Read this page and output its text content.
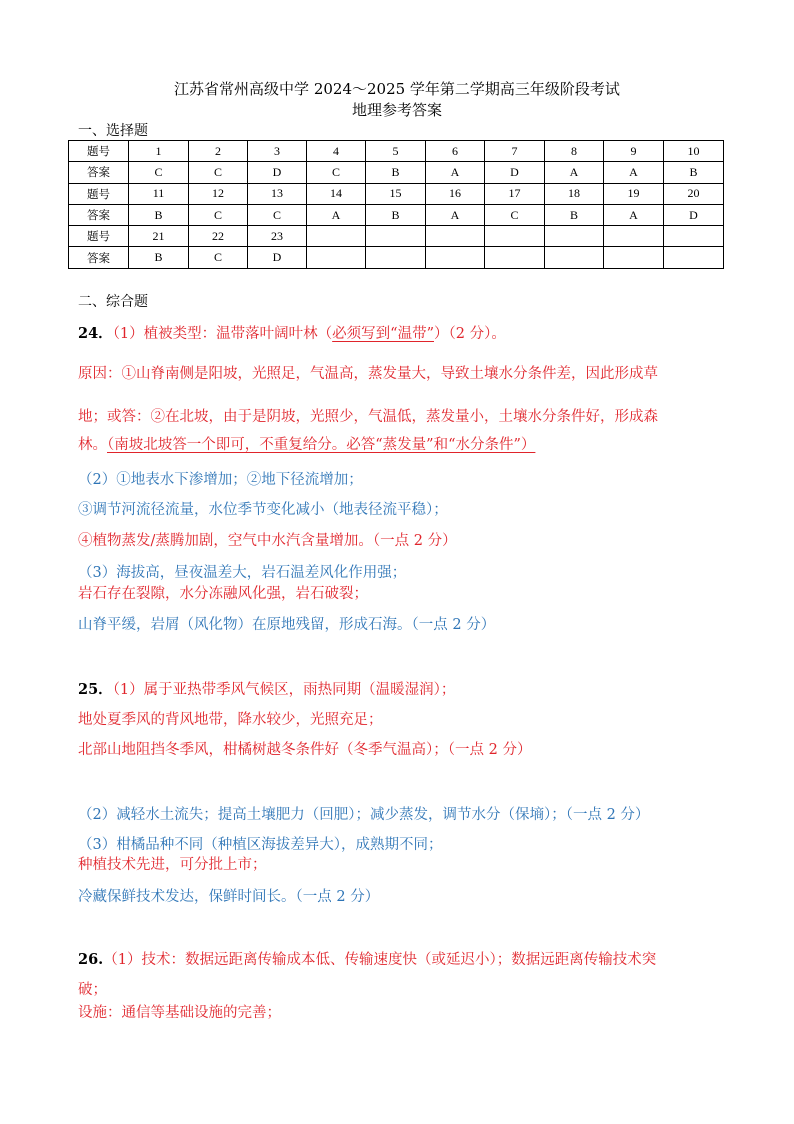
江苏省常州高级中学 2024～2025 学年第二学期高三年级阶段考试
地理参考答案
一、选择题
题号	1	2	3	4	5	6	7	8	9	10
答案	C	C	D	C	B	A	D	A	A	B
题号	11	12	13	14	15	16	17	18	19	20
答案	B	C	C	A	B	A	C	B	A	D
题号	21	22	23							
答案	B	C	D							
二、综合题
24．（1）植被类型：温带落叶阔叶林（必须写到“温带”）（2 分）。
原因：①山脊南侧是阳坡，光照足，气温高，蒸发量大，导致土壤水分条件差，因此形成草
地；或答：②在北坡，由于是阴坡，光照少，气温低，蒸发量小，土壤水分条件好，形成森
林。（南坡北坡答一个即可，不重复给分。必答“蒸发量”和“水分条件”）
（2）①地表水下渗增加；②地下径流增加；
③调节河流径流量，水位季节变化减小（地表径流平稳）；
④植物蒸发/蒸腾加剧，空气中水汽含量增加。（一点 2 分）
（3）海拔高，昼夜温差大，岩石温差风化作用强；
岩石存在裂隙，水分冻融风化强，岩石破裂；
山脊平缓，岩屑（风化物）在原地残留，形成石海。（一点 2 分）
25．（1）属于亚热带季风气候区，雨热同期（温暖湿润）；
地处夏季风的背风地带，降水较少，光照充足；
北部山地阻挡冬季风，柑橘树越冬条件好（冬季气温高）；（一点 2 分）
（2）减轻水土流失；提高土壤肥力（回肥）；减少蒸发，调节水分（保墒）；（一点 2 分）
（3）柑橘品种不同（种植区海拔差异大），成熟期不同；
种植技术先进，可分批上市；
冷藏保鲜技术发达，保鲜时间长。（一点 2 分）
26.（1）技术：数据远距离传输成本低、传输速度快（或延迟小）；数据远距离传输技术突
破；
设施：通信等基础设施的完善；
